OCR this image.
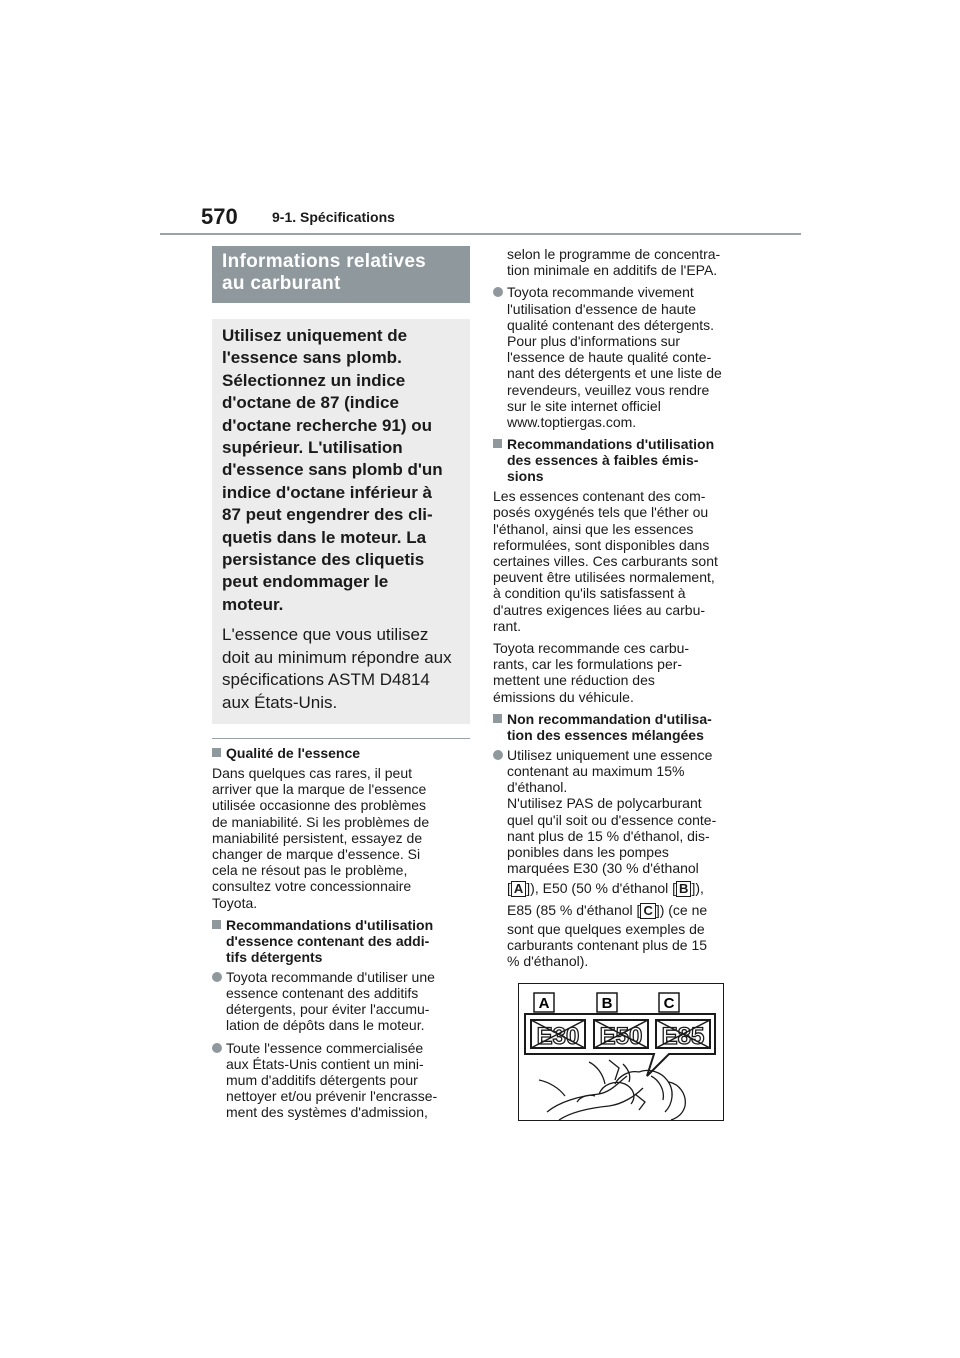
570 9-1. Spécifications
Informations relatives
au carburant
Utilisez uniquement de
l'essence sans plomb.
Sélectionnez un indice
d'octane de 87 (indice
d'octane recherche 91) ou
supérieur. L'utilisation
d'essence sans plomb d'un
indice d'octane inférieur à
87 peut engendrer des cli-
quetis dans le moteur. La
persistance des cliquetis
peut endommager le
moteur.
L'essence que vous utilisez
doit au minimum répondre aux
spécifications ASTM D4814
aux États-Unis.
Qualité de l'essence
Dans quelques cas rares, il peut
arriver que la marque de l'essence
utilisée occasionne des problèmes
de maniabilité. Si les problèmes de
maniabilité persistent, essayez de
changer de marque d'essence. Si
cela ne résout pas le problème,
consultez votre concessionnaire
Toyota.
Recommandations d'utilisation
d'essence contenant des addi-
tifs détergents
Toyota recommande d'utiliser une
essence contenant des additifs
détergents, pour éviter l'accumu-
lation de dépôts dans le moteur.
Toute l'essence commercialisée
aux États-Unis contient un mini-
mum d'additifs détergents pour
nettoyer et/ou prévenir l'encrasse-
ment des systèmes d'admission,
selon le programme de concentra-
tion minimale en additifs de l'EPA.
Toyota recommande vivement
l'utilisation d'essence de haute
qualité contenant des détergents.
Pour plus d'informations sur
l'essence de haute qualité conte-
nant des détergents et une liste de
revendeurs, veuillez vous rendre
sur le site internet officiel
www.toptiergas.com.
Recommandations d'utilisation
des essences à faibles émis-
sions
Les essences contenant des com-
posés oxygénés tels que l'éther ou
l'éthanol, ainsi que les essences
reformulées, sont disponibles dans
certaines villes. Ces carburants sont
peuvent être utilisées normalement,
à condition qu'ils satisfassent à
d'autres exigences liées au carbu-
rant.
Toyota recommande ces carbu-
rants, car les formulations per-
mettent une réduction des
émissions du véhicule.
Non recommandation d'utilisa-
tion des essences mélangées
Utilisez uniquement une essence
contenant au maximum 15%
d'éthanol.
N'utilisez PAS de polycarburant
quel qu'il soit ou d'essence conte-
nant plus de 15 % d'éthanol, dis-
ponibles dans les pompes
marquées E30 (30 % d'éthanol
[ A ]), E50 (50 % d'éthanol [ B ]),
E85 (85 % d'éthanol [ C ]) (ce ne
sont que quelques exemples de
carburants contenant plus de 15
% d'éthanol).
A	B	C
E30 E50 E85
